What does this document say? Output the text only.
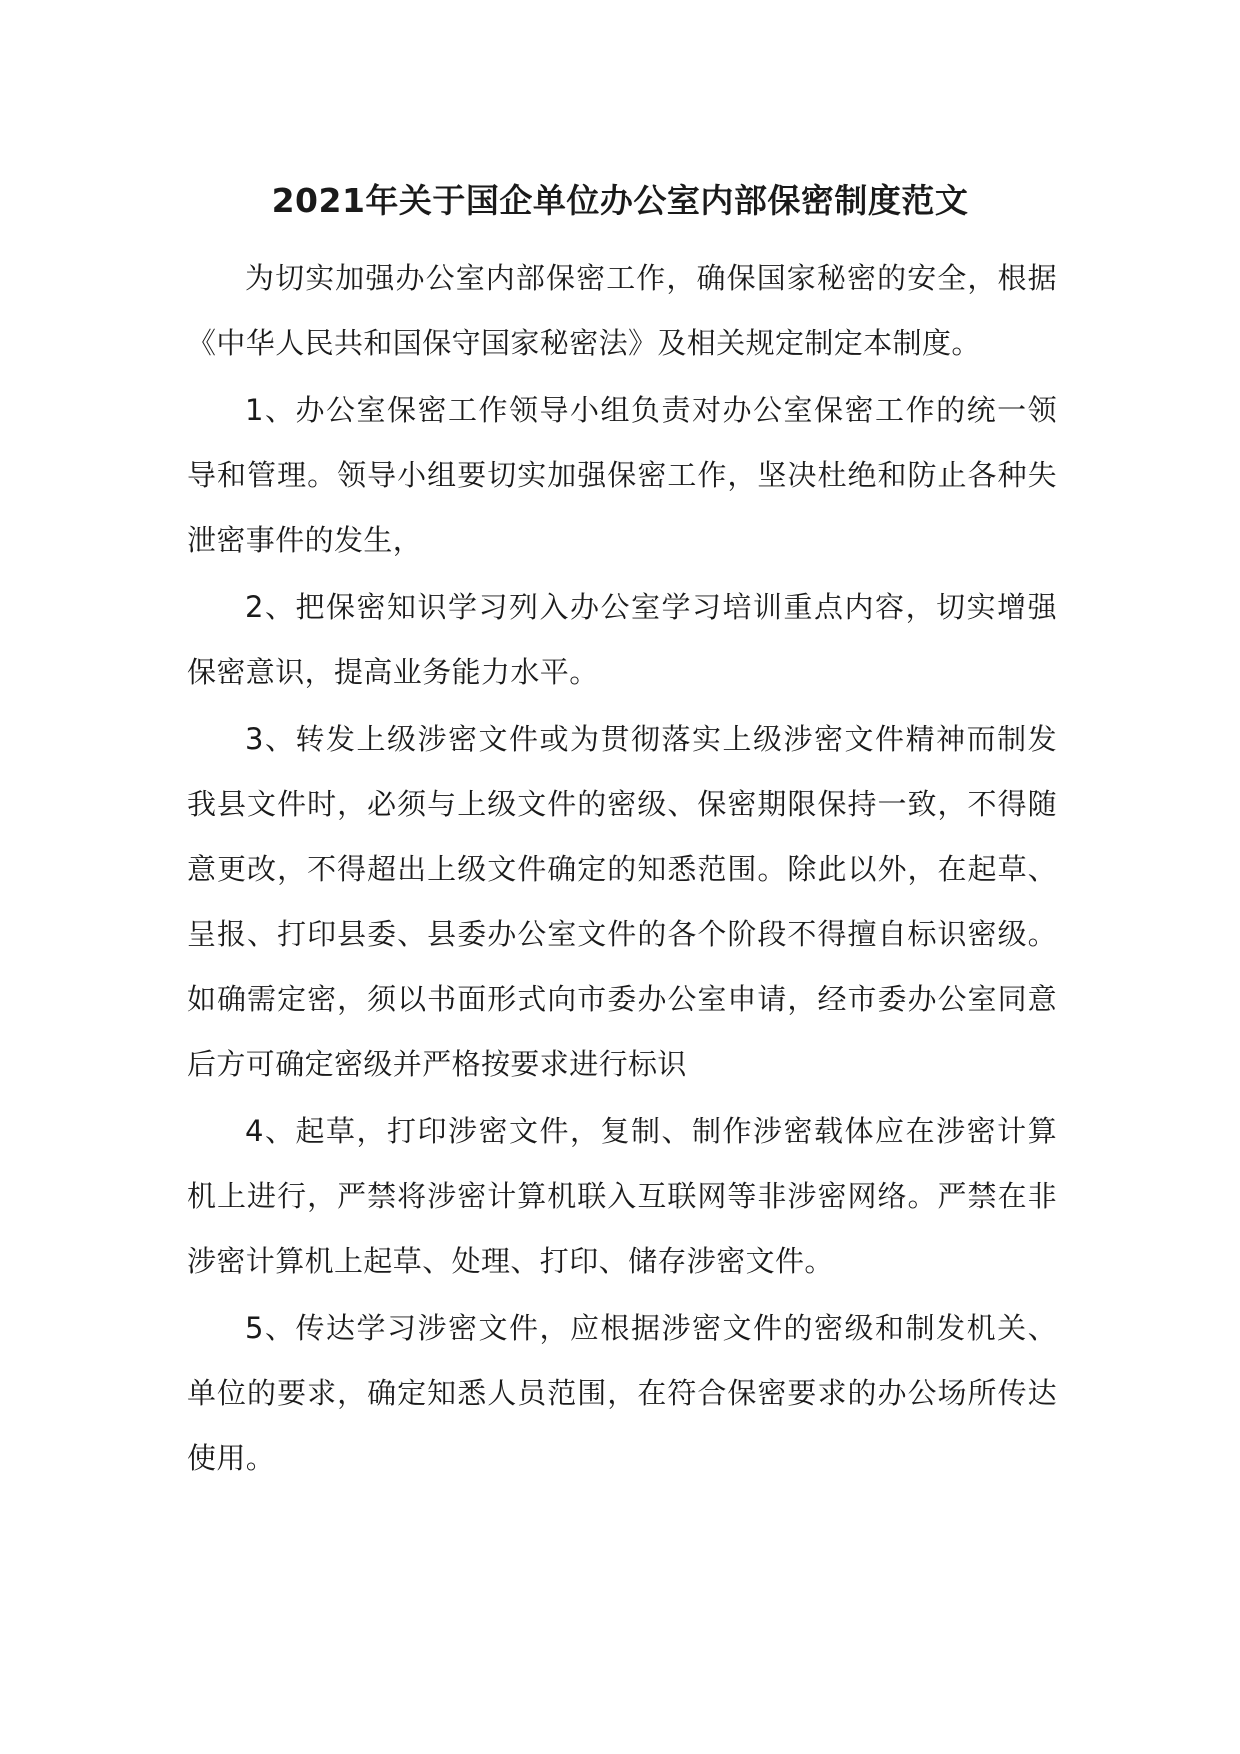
2021年关于国企单位办公室内部保密制度范文

为切实加强办公室内部保密工作，确保国家秘密的安全，根据《中华人民共和国保守国家秘密法》及相关规定制定本制度。

1、办公室保密工作领导小组负责对办公室保密工作的统一领导和管理。领导小组要切实加强保密工作，坚决杜绝和防止各种失泄密事件的发生，

2、把保密知识学习列入办公室学习培训重点内容，切实增强保密意识，提高业务能力水平。

3、转发上级涉密文件或为贯彻落实上级涉密文件精神而制发我县文件时，必须与上级文件的密级、保密期限保持一致，不得随意更改，不得超出上级文件确定的知悉范围。除此以外，在起草、呈报、打印县委、县委办公室文件的各个阶段不得擅自标识密级。如确需定密，须以书面形式向市委办公室申请，经市委办公室同意后方可确定密级并严格按要求进行标识

4、起草，打印涉密文件，复制、制作涉密载体应在涉密计算机上进行，严禁将涉密计算机联入互联网等非涉密网络。严禁在非涉密计算机上起草、处理、打印、储存涉密文件。

5、传达学习涉密文件，应根据涉密文件的密级和制发机关、单位的要求，确定知悉人员范围，在符合保密要求的办公场所传达使用。
